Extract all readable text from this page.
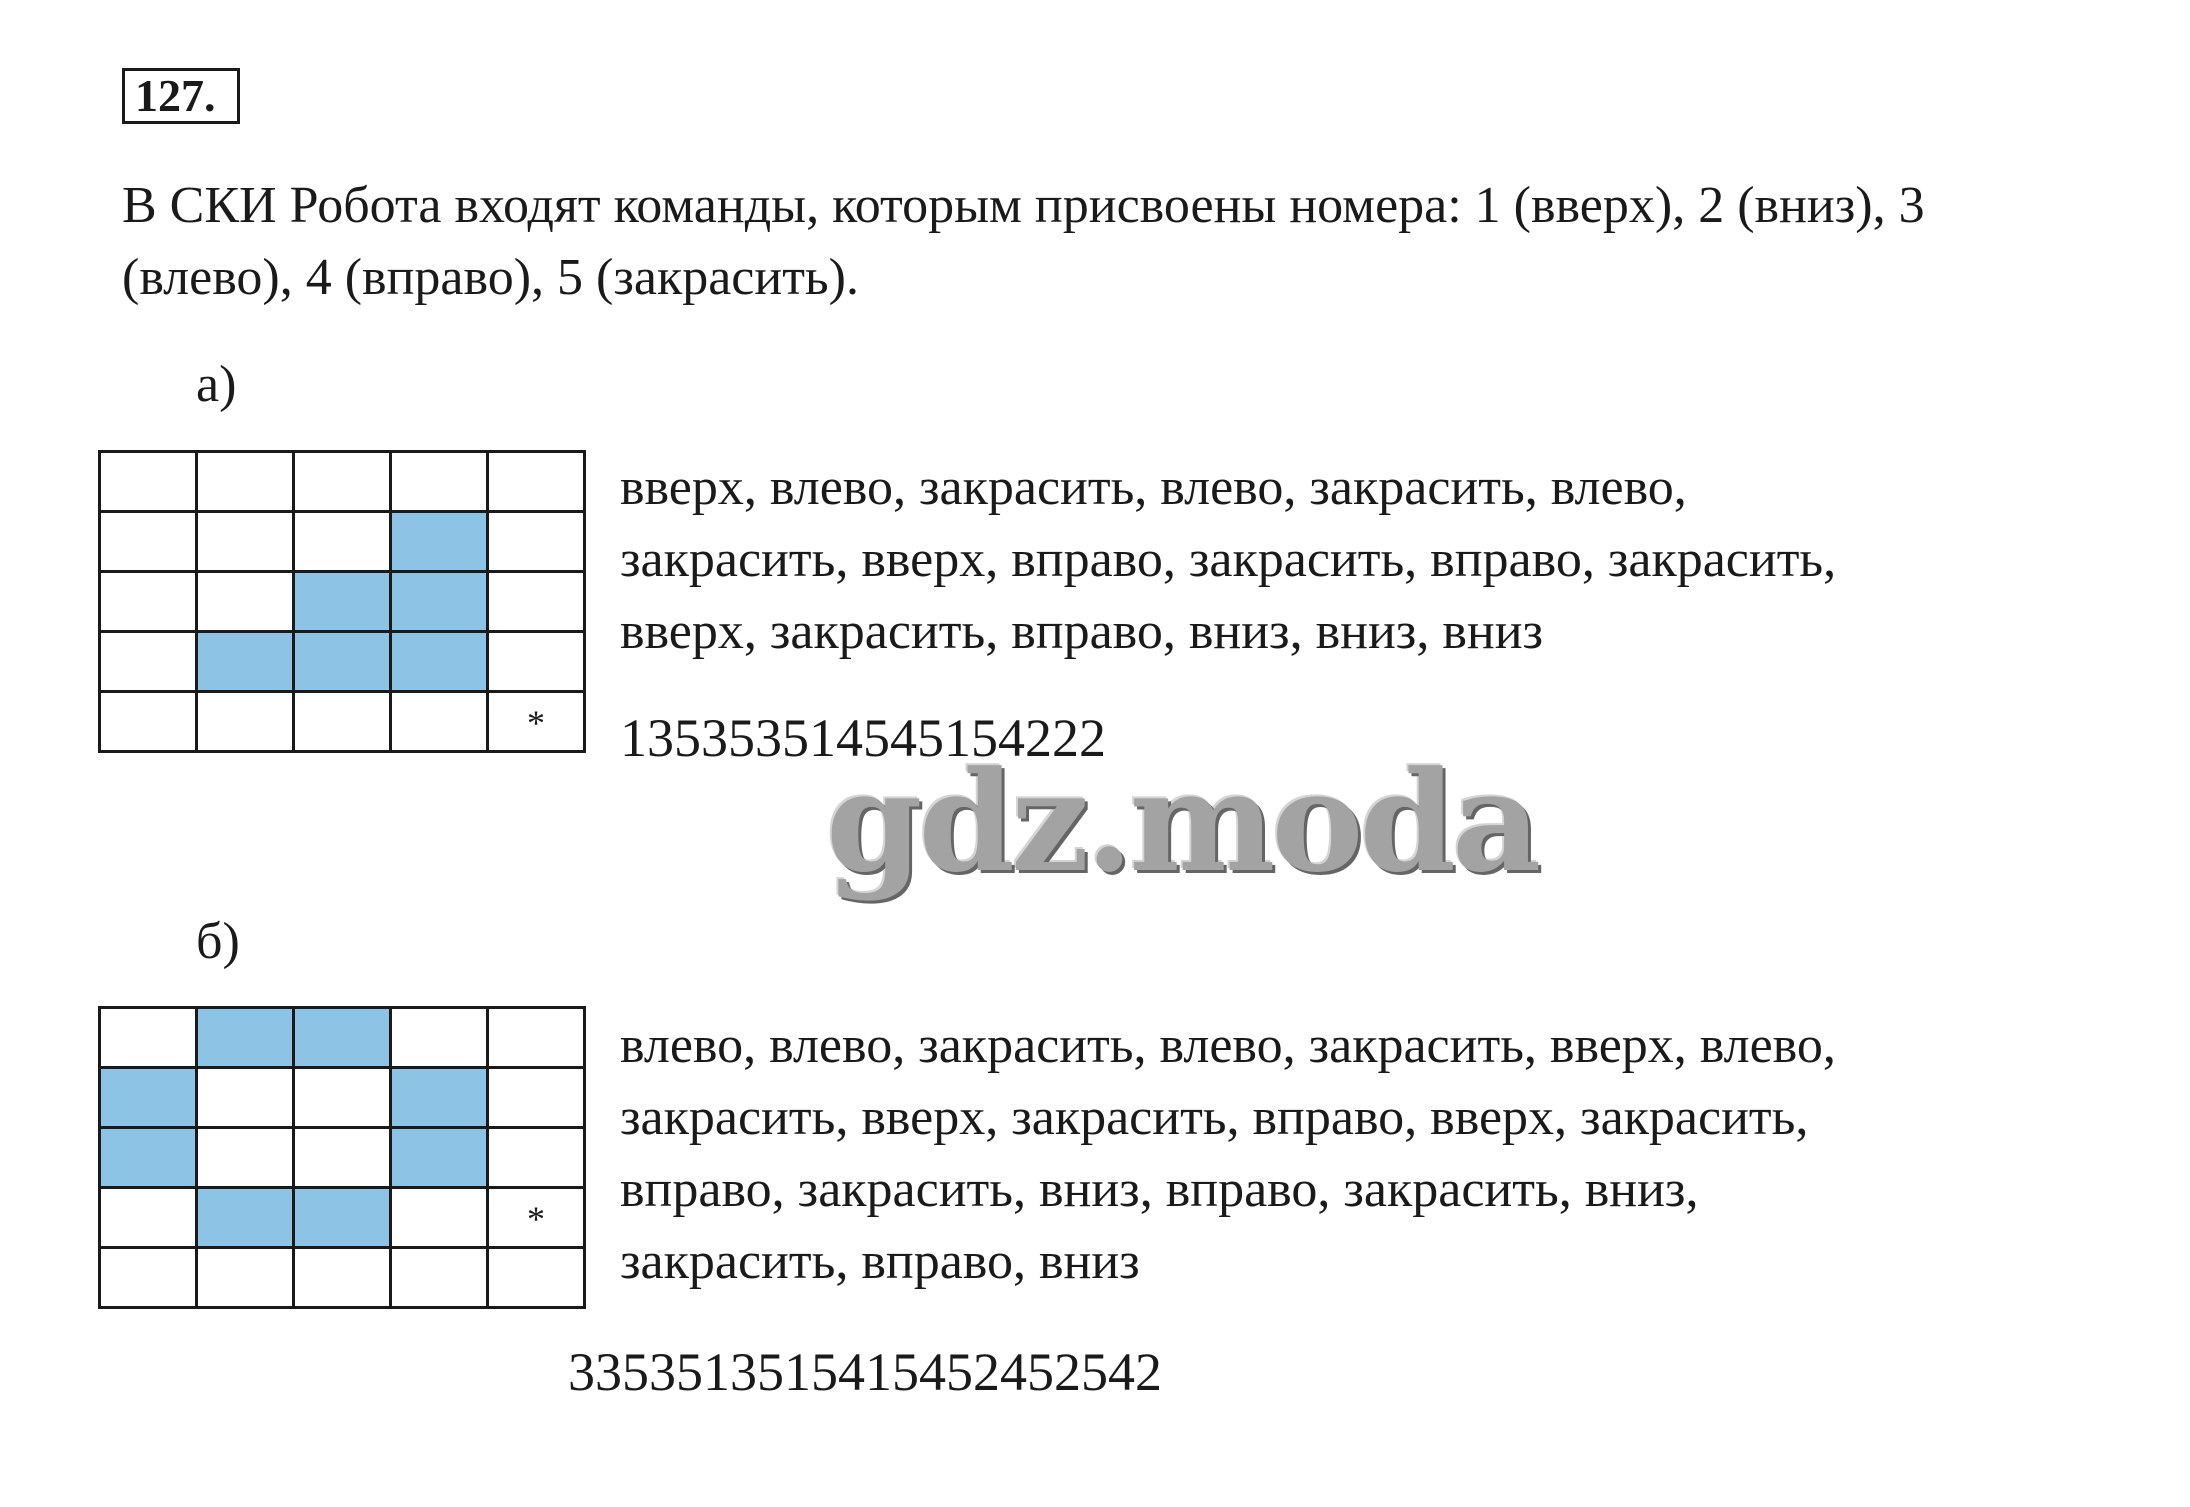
127.
В СКИ Робота входят команды, которым присвоены номера: 1 (вверх), 2 (вниз), 3 (влево), 4 (вправо), 5 (закрасить).
а)
*
вверх, влево, закрасить, влево, закрасить, влево,
закрасить, вверх, вправо, закрасить, вправо, закрасить,
вверх, закрасить, вправо, вниз, вниз, вниз
135353514545154222
б)
*
влево, влево, закрасить, влево, закрасить, вверх, влево,
закрасить, вверх, закрасить, вправо, вверх, закрасить,
вправо, закрасить, вниз, вправо, закрасить, вниз,
закрасить, вправо, вниз
3353513515415452452542
gdz.moda
